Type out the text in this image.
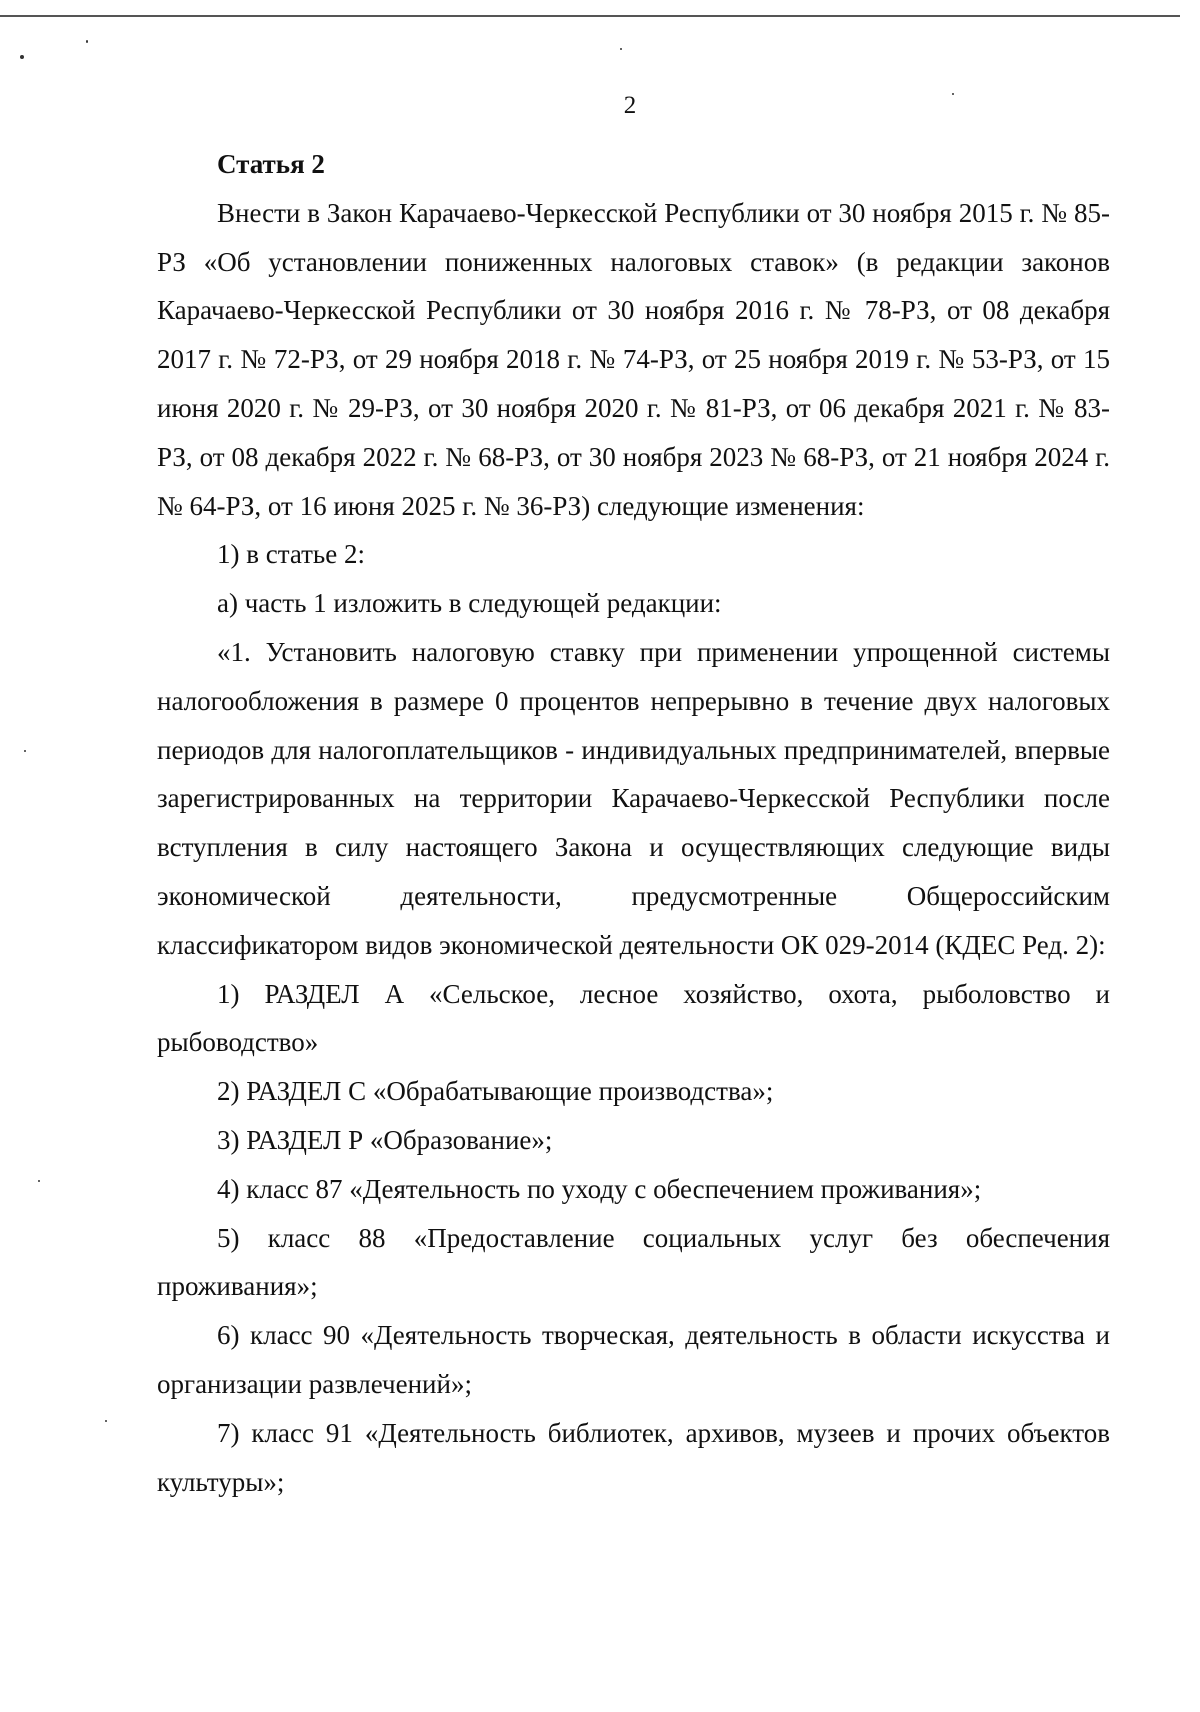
2

Статья 2

Внести в Закон Карачаево-Черкесской Республики от 30 ноября 2015 г. № 85-РЗ «Об установлении пониженных налоговых ставок» (в редакции законов Карачаево-Черкесской Республики от 30 ноября 2016 г. № 78-РЗ, от 08 декабря 2017 г. № 72-РЗ, от 29 ноября 2018 г. № 74-РЗ, от 25 ноября 2019 г. № 53-РЗ, от 15 июня 2020 г. № 29-РЗ, от 30 ноября 2020 г. № 81-РЗ, от 06 декабря 2021 г. № 83-РЗ, от 08 декабря 2022 г. № 68-РЗ, от 30 ноября 2023 № 68-РЗ, от 21 ноября 2024 г. № 64-РЗ, от 16 июня 2025 г. № 36-РЗ) следующие изменения:

1) в статье 2:

а) часть 1 изложить в следующей редакции:

«1. Установить налоговую ставку при применении упрощенной системы налогообложения в размере 0 процентов непрерывно в течение двух налоговых периодов для налогоплательщиков - индивидуальных предпринимателей, впервые зарегистрированных на территории Карачаево-Черкесской Республики после вступления в силу настоящего Закона и осуществляющих следующие виды экономической деятельности, предусмотренные Общероссийским классификатором видов экономической деятельности ОК 029-2014 (КДЕС Ред. 2):

1) РАЗДЕЛ А «Сельское, лесное хозяйство, охота, рыболовство и рыбоводство»

2) РАЗДЕЛ С «Обрабатывающие производства»;

3) РАЗДЕЛ Р «Образование»;

4) класс 87 «Деятельность по уходу с обеспечением проживания»;

5) класс 88 «Предоставление социальных услуг без обеспечения проживания»;

6) класс 90 «Деятельность творческая, деятельность в области искусства и организации развлечений»;

7) класс 91 «Деятельность библиотек, архивов, музеев и прочих объектов культуры»;
